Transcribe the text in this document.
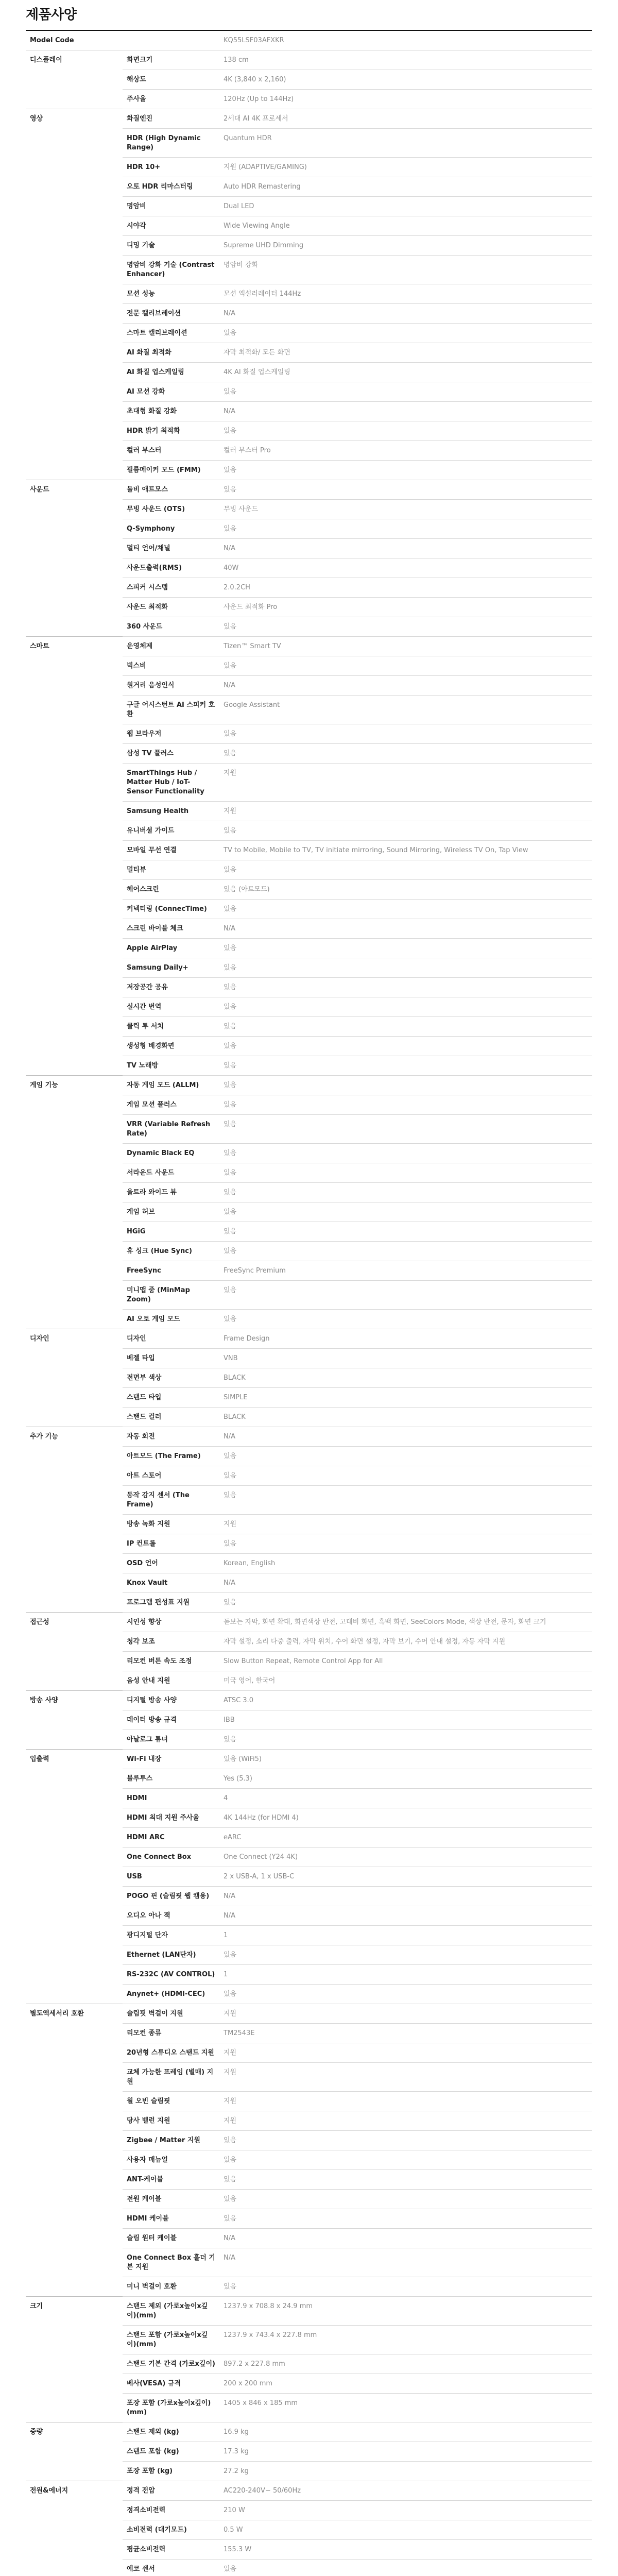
제품사양
Model Code		KQ55LSF03AFXKR
디스플레이	화면크기	138 cm
	해상도	4K (3,840 x 2,160)
	주사율	120Hz (Up to 144Hz)
영상	화질엔진	2세대 AI 4K 프로세서
	HDR (High Dynamic Range)	Quantum HDR
	HDR 10+	지원 (ADAPTIVE/GAMING)
	오토 HDR 리마스터링	Auto HDR Remastering
	명암비	Dual LED
	시야각	Wide Viewing Angle
	디밍 기술	Supreme UHD Dimming
	명암비 강화 기술 (Contrast Enhancer)	명암비 강화
	모션 성능	모션 엑설러레이터 144Hz
	전문 캘리브레이션	N/A
	스마트 캘리브레이션	있음
	AI 화질 최적화	자막 최적화/ 모든 화면
	AI 화질 업스케일링	4K AI 화질 업스케일링
	AI 모션 강화	있음
	초대형 화질 강화	N/A
	HDR 밝기 최적화	있음
	컬러 부스터	컬러 부스터 Pro
	필름메이커 모드 (FMM)	있음
사운드	돌비 애트모스	있음
	무빙 사운드 (OTS)	무빙 사운드
	Q-Symphony	있음
	멀티 언어/채널	N/A
	사운드출력(RMS)	40W
	스피커 시스템	2.0.2CH
	사운드 최적화	사운드 최적화 Pro
	360 사운드	있음
스마트	운영체제	Tizen™ Smart TV
	빅스비	있음
	원거리 음성인식	N/A
	구글 어시스턴트 AI 스피커 호환	Google Assistant
	웹 브라우저	있음
	삼성 TV 플러스	있음
	SmartThings Hub / Matter Hub / IoT-Sensor Functionality	지원
	Samsung Health	지원
	유니버셜 가이드	있음
	모바일 무선 연결	TV to Mobile, Mobile to TV, TV initiate mirroring, Sound Mirroring, Wireless TV On, Tap View
	멀티뷰	있음
	헤어스크린	있음 (아트모드)
	커넥티링 (ConnecTime)	있음
	스크린 바이블 체크	N/A
	Apple AirPlay	있음
	Samsung Daily+	있음
	저장공간 공유	있음
	실시간 번역	있음
	클릭 투 서치	있음
	생성형 배경화면	있음
	TV 노래방	있음
게임 기능	자동 게임 모드 (ALLM)	있음
	게임 모션 플러스	있음
	VRR (Variable Refresh Rate)	있음
	Dynamic Black EQ	있음
	서라운드 사운드	있음
	울트라 와이드 뷰	있음
	게임 허브	있음
	HGiG	있음
	휴 싱크 (Hue Sync)	있음
	FreeSync	FreeSync Premium
	미니맵 줌 (MinMap Zoom)	있음
	AI 오토 게임 모드	있음
디자인	디자인	Frame Design
	베젤 타입	VNB
	전면부 색상	BLACK
	스탠드 타입	SIMPLE
	스탠드 컬러	BLACK
추가 기능	자동 회전	N/A
	아트모드 (The Frame)	있음
	아트 스토어	있음
	동작 감지 센서 (The Frame)	있음
	방송 녹화 지원	지원
	IP 컨트롤	있음
	OSD 언어	Korean, English
	Knox Vault	N/A
	프로그램 편성표 지원	있음
접근성	시인성 향상	돋보는 자막, 화면 확대, 화면색상 반전, 고대비 화면, 흑백 화면, SeeColors Mode, 색상 반전, 문자, 화면 크기
	청각 보조	자막 설정, 소리 다중 출력, 자막 위치, 수어 화면 설정, 자막 보기, 수어 안내 설정, 자동 자막 지원
	리모컨 버튼 속도 조정	Slow Button Repeat, Remote Control App for All
	음성 안내 지원	미국 영어, 한국어
방송 사양	디지털 방송 사양	ATSC 3.0
	데이터 방송 규격	IBB
	아날로그 튜너	있음
입출력	Wi-Fi 내장	있음 (WiFi5)
	블루투스	Yes (5.3)
	HDMI	4
	HDMI 최대 지원 주사율	4K 144Hz (for HDMI 4)
	HDMI ARC	eARC
	One Connect Box	One Connect (Y24 4K)
	USB	2 x USB-A, 1 x USB-C
	POGO 핀 (슬림핏 웹 캠용)	N/A
	오디오 아나 잭	N/A
	광디지털 단자	1
	Ethernet (LAN단자)	있음
	RS-232C (AV CONTROL)	1
	Anynet+ (HDMI-CEC)	있음
별도액세서리 호환	슬림핏 벽걸이 지원	지원
	리모컨 종류	TM2543E
	20년형 스튜디오 스탠드 지원	지원
	교체 가능한 프레임 (별매) 지원	지원
	월 오빈 슬림핏	지원
	당사 벨런 지원	지원
	Zigbee / Matter 지원	있음
	사용자 매뉴얼	있음
	ANT-케이블	있음
	전원 케이블	있음
	HDMI 케이블	있음
	슬림 원터 케이블	N/A
	One Connect Box 홀더 기본 지원	N/A
	미니 벽걸이 호환	있음
크기	스탠드 제외 (가로x높이x깊이)(mm)	1237.9 x 708.8 x 24.9 mm
	스탠드 포함 (가로x높이x깊이)(mm)	1237.9 x 743.4 x 227.8 mm
	스탠드 기본 간격 (가로x깊이)	897.2 x 227.8 mm
	베사(VESA) 규격	200 x 200 mm
	포장 포함 (가로x높이x깊이)(mm)	1405 x 846 x 185 mm
중량	스탠드 제외 (kg)	16.9 kg
	스탠드 포함 (kg)	17.3 kg
	포장 포함 (kg)	27.2 kg
전원&에너지	정격 전압	AC220-240V~ 50/60Hz
	정격소비전력	210 W
	소비전력 (대기모드)	0.5 W
	평균소비전력	155.3 W
	에코 센서	있음
